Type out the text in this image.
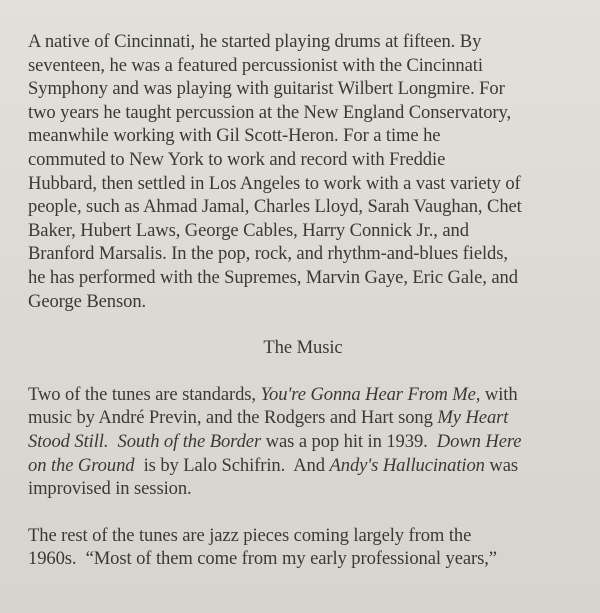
A native of Cincinnati, he started playing drums at fifteen. By
seventeen, he was a featured percussionist with the Cincinnati
Symphony and was playing with guitarist Wilbert Longmire. For
two years he taught percussion at the New England Conservatory,
meanwhile working with Gil Scott-Heron. For a time he
commuted to New York to work and record with Freddie
Hubbard, then settled in Los Angeles to work with a vast variety of
people, such as Ahmad Jamal, Charles Lloyd, Sarah Vaughan, Chet
Baker, Hubert Laws, George Cables, Harry Connick Jr., and
Branford Marsalis. In the pop, rock, and rhythm-and-blues fields,
he has performed with the Supremes, Marvin Gaye, Eric Gale, and
George Benson.

The Music

Two of the tunes are standards, You're Gonna Hear From Me, with
music by André Previn, and the Rodgers and Hart song My Heart
Stood Still. South of the Border was a pop hit in 1939.  Down Here
on the Ground  is by Lalo Schifrin.  And Andy's Hallucination was
improvised in session.

The rest of the tunes are jazz pieces coming largely from the
1960s.  “Most of them come from my early professional years,”
